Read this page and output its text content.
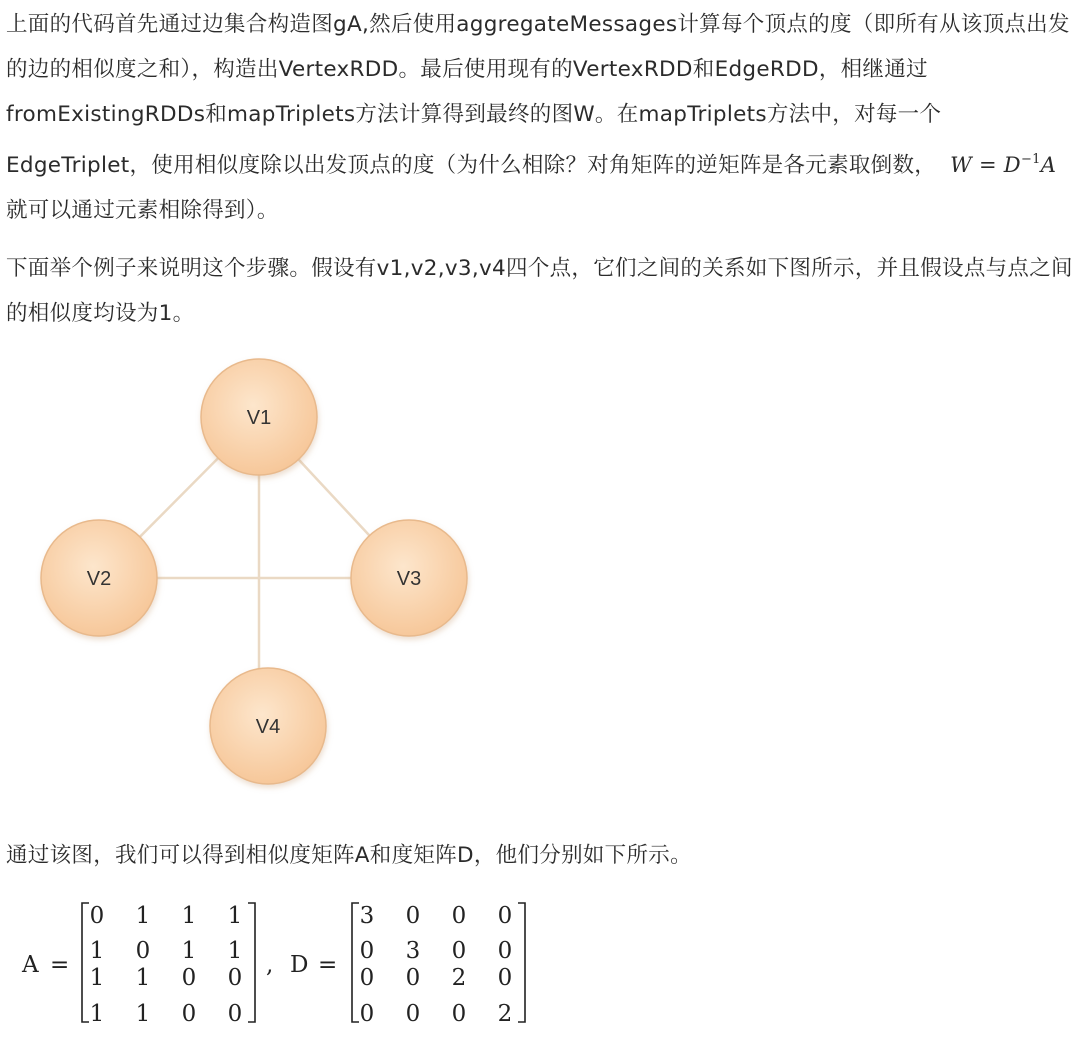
上面的代码首先通过边集合构造图gA,然后使用aggregateMessages计算每个顶点的度（即所有从该顶点出发的边的相似度之和），构造出VertexRDD。最后使用现有的VertexRDD和EdgeRDD，相继通过fromExistingRDDs和mapTriplets方法计算得到最终的图W。在mapTriplets方法中，对每一个EdgeTriplet，使用相似度除以出发顶点的度（为什么相除？对角矩阵的逆矩阵是各元素取倒数， $W = D^{-1}A$就可以通过元素相除得到）。

下面举个例子来说明这个步骤。假设有v1,v2,v3,v4四个点，它们之间的关系如下图所示，并且假设点与点之间的相似度均设为1。

V1
V2	V3
V4

通过该图，我们可以得到相似度矩阵A和度矩阵D，他们分别如下所示。

A =
0 1 1 1
1 0 1 1
1 1 0 0
1 1 0 0
, D =
3 0 0 0
0 3 0 0
0 0 2 0
0 0 0 2
